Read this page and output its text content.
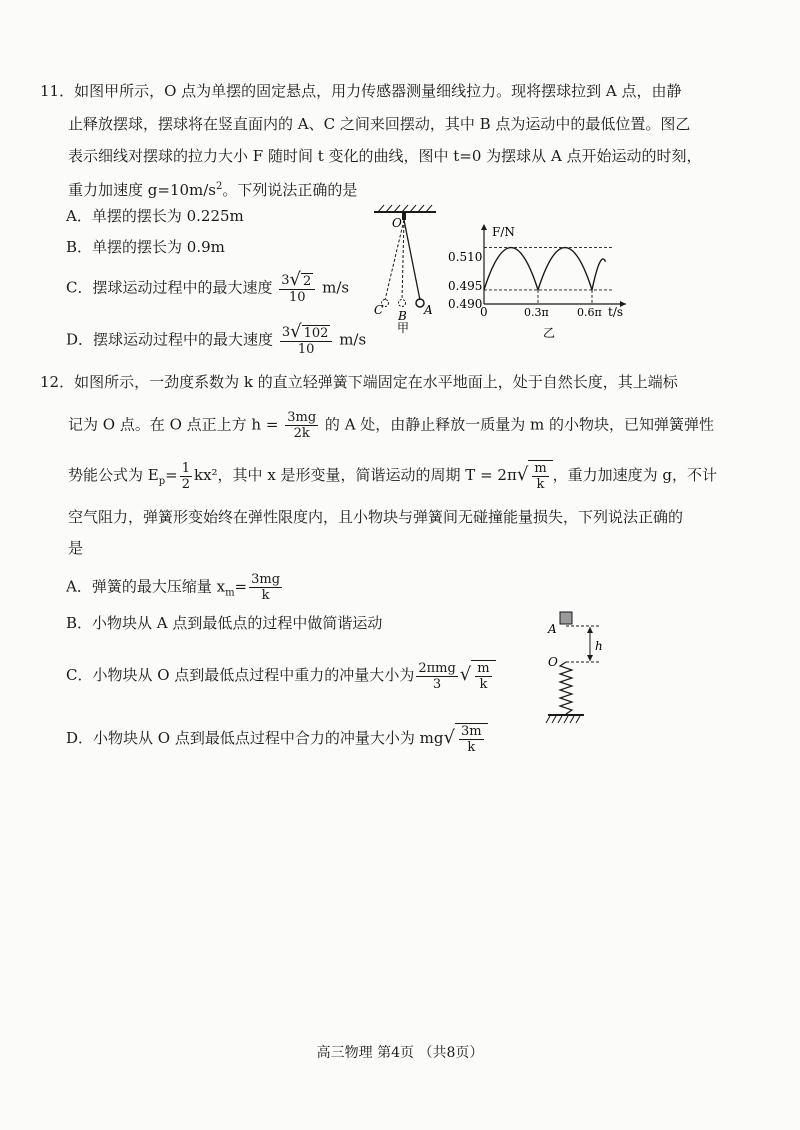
11．如图甲所示，O 点为单摆的固定悬点，用力传感器测量细线拉力。现将摆球拉到 A 点，由静
止释放摆球，摆球将在竖直面内的 A、C 之间来回摆动，其中 B 点为运动中的最低位置。图乙
表示细线对摆球的拉力大小 F 随时间 t 变化的曲线，图中 t=0 为摆球从 A 点开始运动的时刻，
重力加速度 $g=10m/s^2$。下列说法正确的是
A．单摆的摆长为 0.225m
B．单摆的摆长为 0.9m
C．摆球运动过程中的最大速度 $\frac{3√ 2}{10} m/s$
D．摆球运动过程中的最大速度 $\frac{3√ 102}{10} m/s$
O
C B A
甲
F/N
t/s
0
0.510
0.495
0.490
0.3π	0.6π
乙
12．如图所示，一劲度系数为 k 的直立轻弹簧下端固定在水平地面上，处于自然长度，其上端标
记为 O 点。在 O 点正上方 $h = \frac{3mg}{2k}$ 的 A 处，由静止释放一质量为 m 的小物块，已知弹簧弹性
势能公式为 $E_p= \frac{1}{2} kx^2$，其中 x 是形变量，简谐运动的周期 $T = 2\pi√ \frac{m}{k}$ ，重力加速度为 g，不计
空气阻力，弹簧形变始终在弹性限度内，且小物块与弹簧间无碰撞能量损失，下列说法正确的
是
A．弹簧的最大压缩量 $x_m= \frac{3mg}{k}$
B．小物块从 A 点到最低点的过程中做简谐运动
C．小物块从 O 点到最低点过程中重力的冲量大小为 $\frac{\text{2πmg}}{3}$ √ $\frac{m}{k}$
D．小物块从 O 点到最低点过程中合力的冲量大小为 $mg√ \frac{3m}{k}$
A
O
h
高三物理 第4页 （共8页）
